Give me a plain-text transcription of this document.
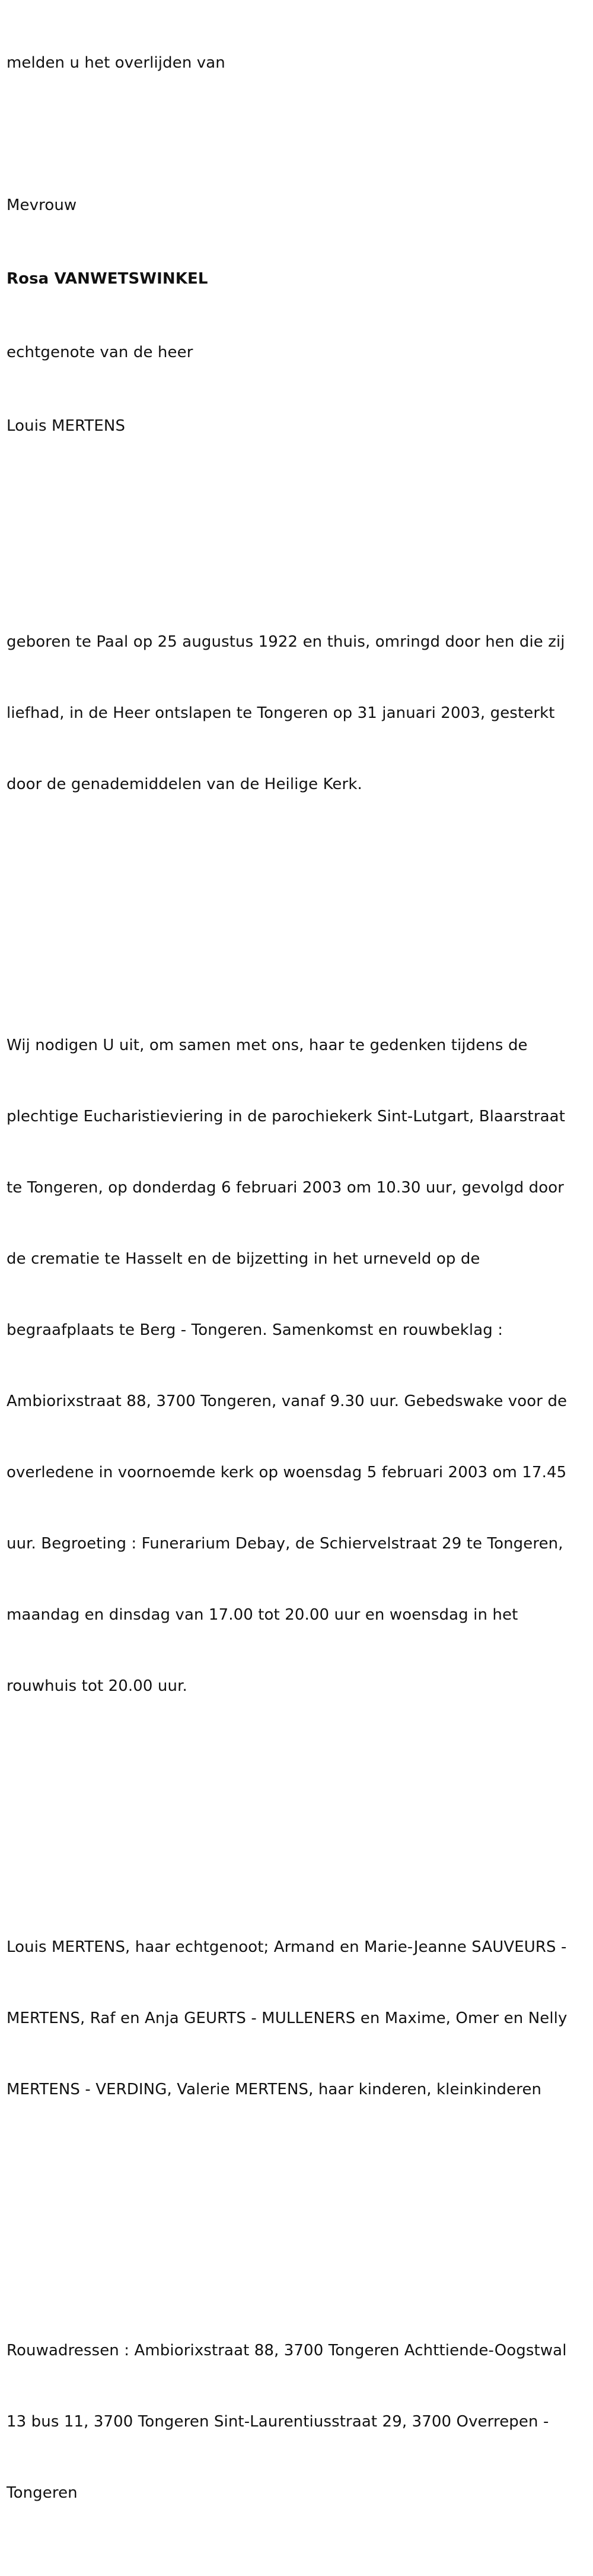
melden u het overlijden van

Mevrouw

Rosa VANWETSWINKEL

echtgenote van de heer

Louis MERTENS

geboren te Paal op 25 augustus 1922 en thuis, omringd door hen die zij

liefhad, in de Heer ontslapen te Tongeren op 31 januari 2003, gesterkt

door de genademiddelen van de Heilige Kerk.

Wij nodigen U uit, om samen met ons, haar te gedenken tijdens de

plechtige Eucharistieviering in de parochiekerk Sint-Lutgart, Blaarstraat

te Tongeren, op donderdag 6 februari 2003 om 10.30 uur, gevolgd door

de crematie te Hasselt en de bijzetting in het urneveld op de

begraafplaats te Berg - Tongeren. Samenkomst en rouwbeklag :

Ambiorixstraat 88, 3700 Tongeren, vanaf 9.30 uur. Gebedswake voor de

overledene in voornoemde kerk op woensdag 5 februari 2003 om 17.45

uur. Begroeting : Funerarium Debay, de Schiervelstraat 29 te Tongeren,

maandag en dinsdag van 17.00 tot 20.00 uur en woensdag in het

rouwhuis tot 20.00 uur.

Louis MERTENS, haar echtgenoot; Armand en Marie-Jeanne SAUVEURS -

MERTENS, Raf en Anja GEURTS - MULLENERS en Maxime, Omer en Nelly

MERTENS - VERDING, Valerie MERTENS, haar kinderen, kleinkinderen

Rouwadressen : Ambiorixstraat 88, 3700 Tongeren Achttiende-Oogstwal

13 bus 11, 3700 Tongeren Sint-Laurentiusstraat 29, 3700 Overrepen -

Tongeren
